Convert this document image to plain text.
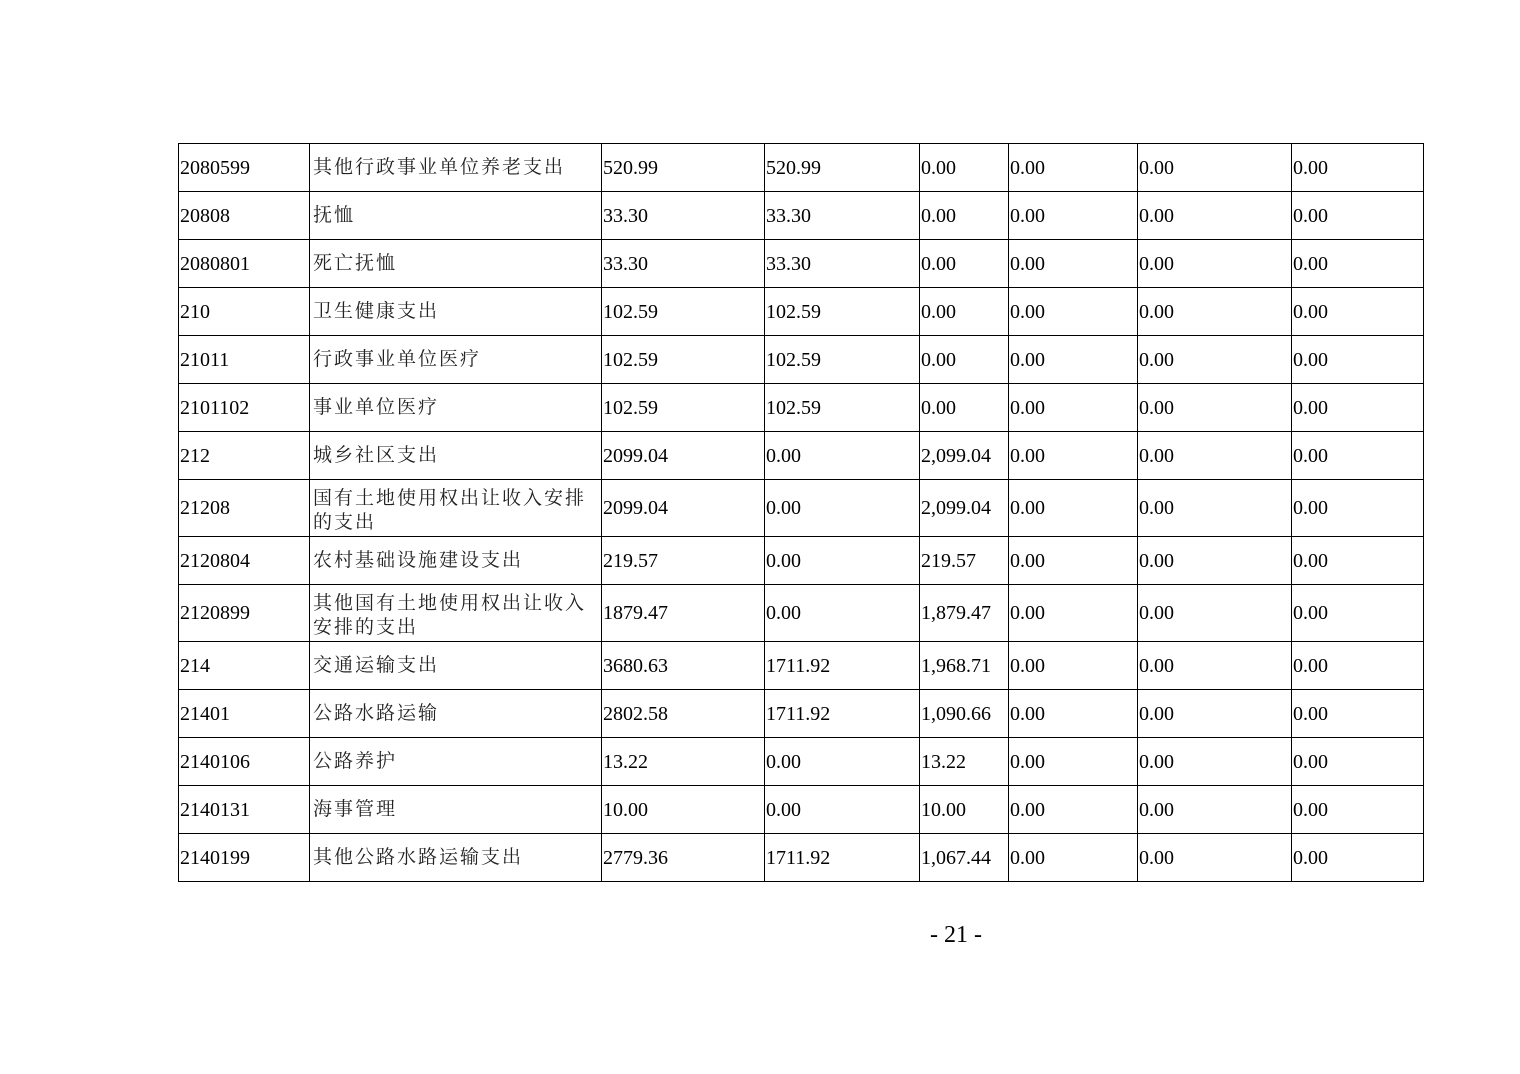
2080599	其他行政事业单位养老支出	520.99	520.99	0.00	0.00	0.00	0.00
20808	抚恤	33.30	33.30	0.00	0.00	0.00	0.00
2080801	死亡抚恤	33.30	33.30	0.00	0.00	0.00	0.00
210	卫生健康支出	102.59	102.59	0.00	0.00	0.00	0.00
21011	行政事业单位医疗	102.59	102.59	0.00	0.00	0.00	0.00
2101102	事业单位医疗	102.59	102.59	0.00	0.00	0.00	0.00
212	城乡社区支出	2099.04	0.00	2,099.04	0.00	0.00	0.00
21208	国有土地使用权出让收入安排的支出	2099.04	0.00	2,099.04	0.00	0.00	0.00
2120804	农村基础设施建设支出	219.57	0.00	219.57	0.00	0.00	0.00
2120899	其他国有土地使用权出让收入安排的支出	1879.47	0.00	1,879.47	0.00	0.00	0.00
214	交通运输支出	3680.63	1711.92	1,968.71	0.00	0.00	0.00
21401	公路水路运输	2802.58	1711.92	1,090.66	0.00	0.00	0.00
2140106	公路养护	13.22	0.00	13.22	0.00	0.00	0.00
2140131	海事管理	10.00	0.00	10.00	0.00	0.00	0.00
2140199	其他公路水路运输支出	2779.36	1711.92	1,067.44	0.00	0.00	0.00
- 21 -
